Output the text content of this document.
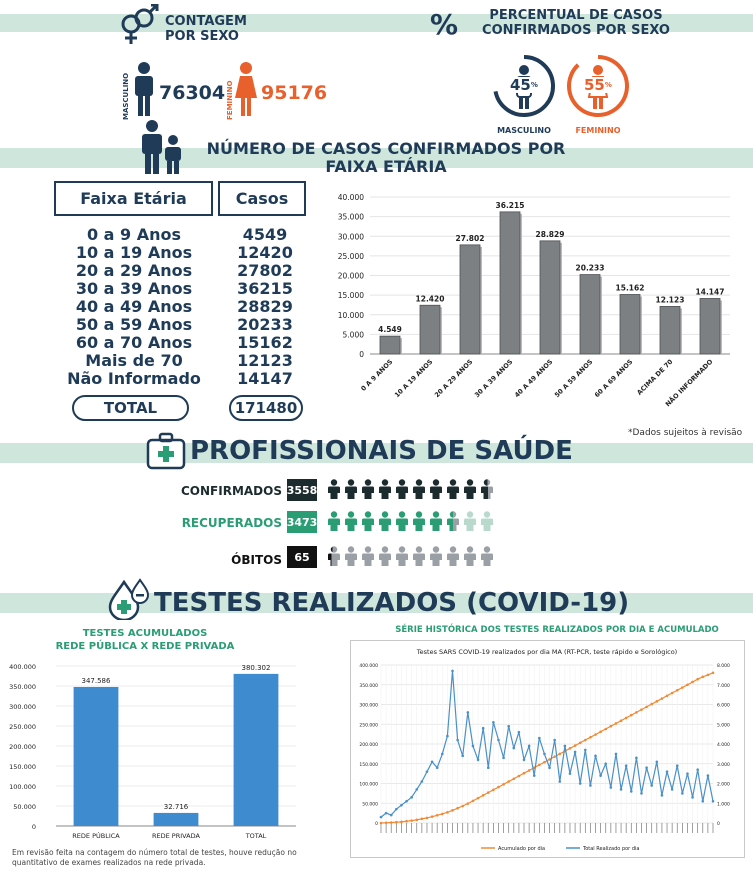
CONTAGEM
POR SEXO
MASCULINO 76304 FEMININO 95176
%	PERCENTUAL DE CASOS
CONFIRMADOS POR SEXO
45%
MASCULINO
55%
FEMININO
NÚMERO DE CASOS CONFIRMADOS POR
FAIXA ETÁRIA
Faixa Etária	Casos
0 a 9 Anos	4549
10 a 19 Anos	12420
20 a 29 Anos	27802
30 a 39 Anos	36215
40 a 49 Anos	28829
50 a 59 Anos	20233
60 a 70 Anos	15162
Mais de 70	12123
Não Informado	14147
TOTAL	171480
0
5.000
10.000
15.000
20.000
25.000
30.000
35.000
40.000
4.549
0 A 9 ANOS
12.420
10 A 19 ANOS
27.802
20 A 29 ANOS
36.215
30 A 39 ANOS
28.829
40 A 49 ANOS
20.233
50 A 59 ANOS
15.162
60 A 69 ANOS
12.123
ACIMA DE 70
14.147
NÃO INFORMADO
*Dados sujeitos à revisão
PROFISSIONAIS DE SAÚDE
CONFIRMADOS 3558
RECUPERADOS 3473
ÓBITOS	65
TESTES REALIZADOS (COVID-19)
TESTES ACUMULADOS
REDE PÚBLICA X REDE PRIVADA
SÉRIE HISTÓRICA DOS TESTES REALIZADOS POR DIA E ACUMULADO
0
50.000
100.000
150.000
200.000
250.000
300.000
350.000
400.000
347.586
REDE PÚBLICA
32.716
REDE PRIVADA
380.302
TOTAL
Em revisão feita na contagem do número total de testes, houve redução no
quantitativo de exames realizados na rede privada.
Testes SARS COVID-19 realizados por dia MA (RT-PCR, teste rápido e Sorológico)
0	0
50.000	1.000
100.000	2.000
150.000	3.000
200.000	4.000
250.000	5.000
300.000	6.000
350.000	7.000
400.000	8.000
Acumulado por dia	Total Realizado por dia
